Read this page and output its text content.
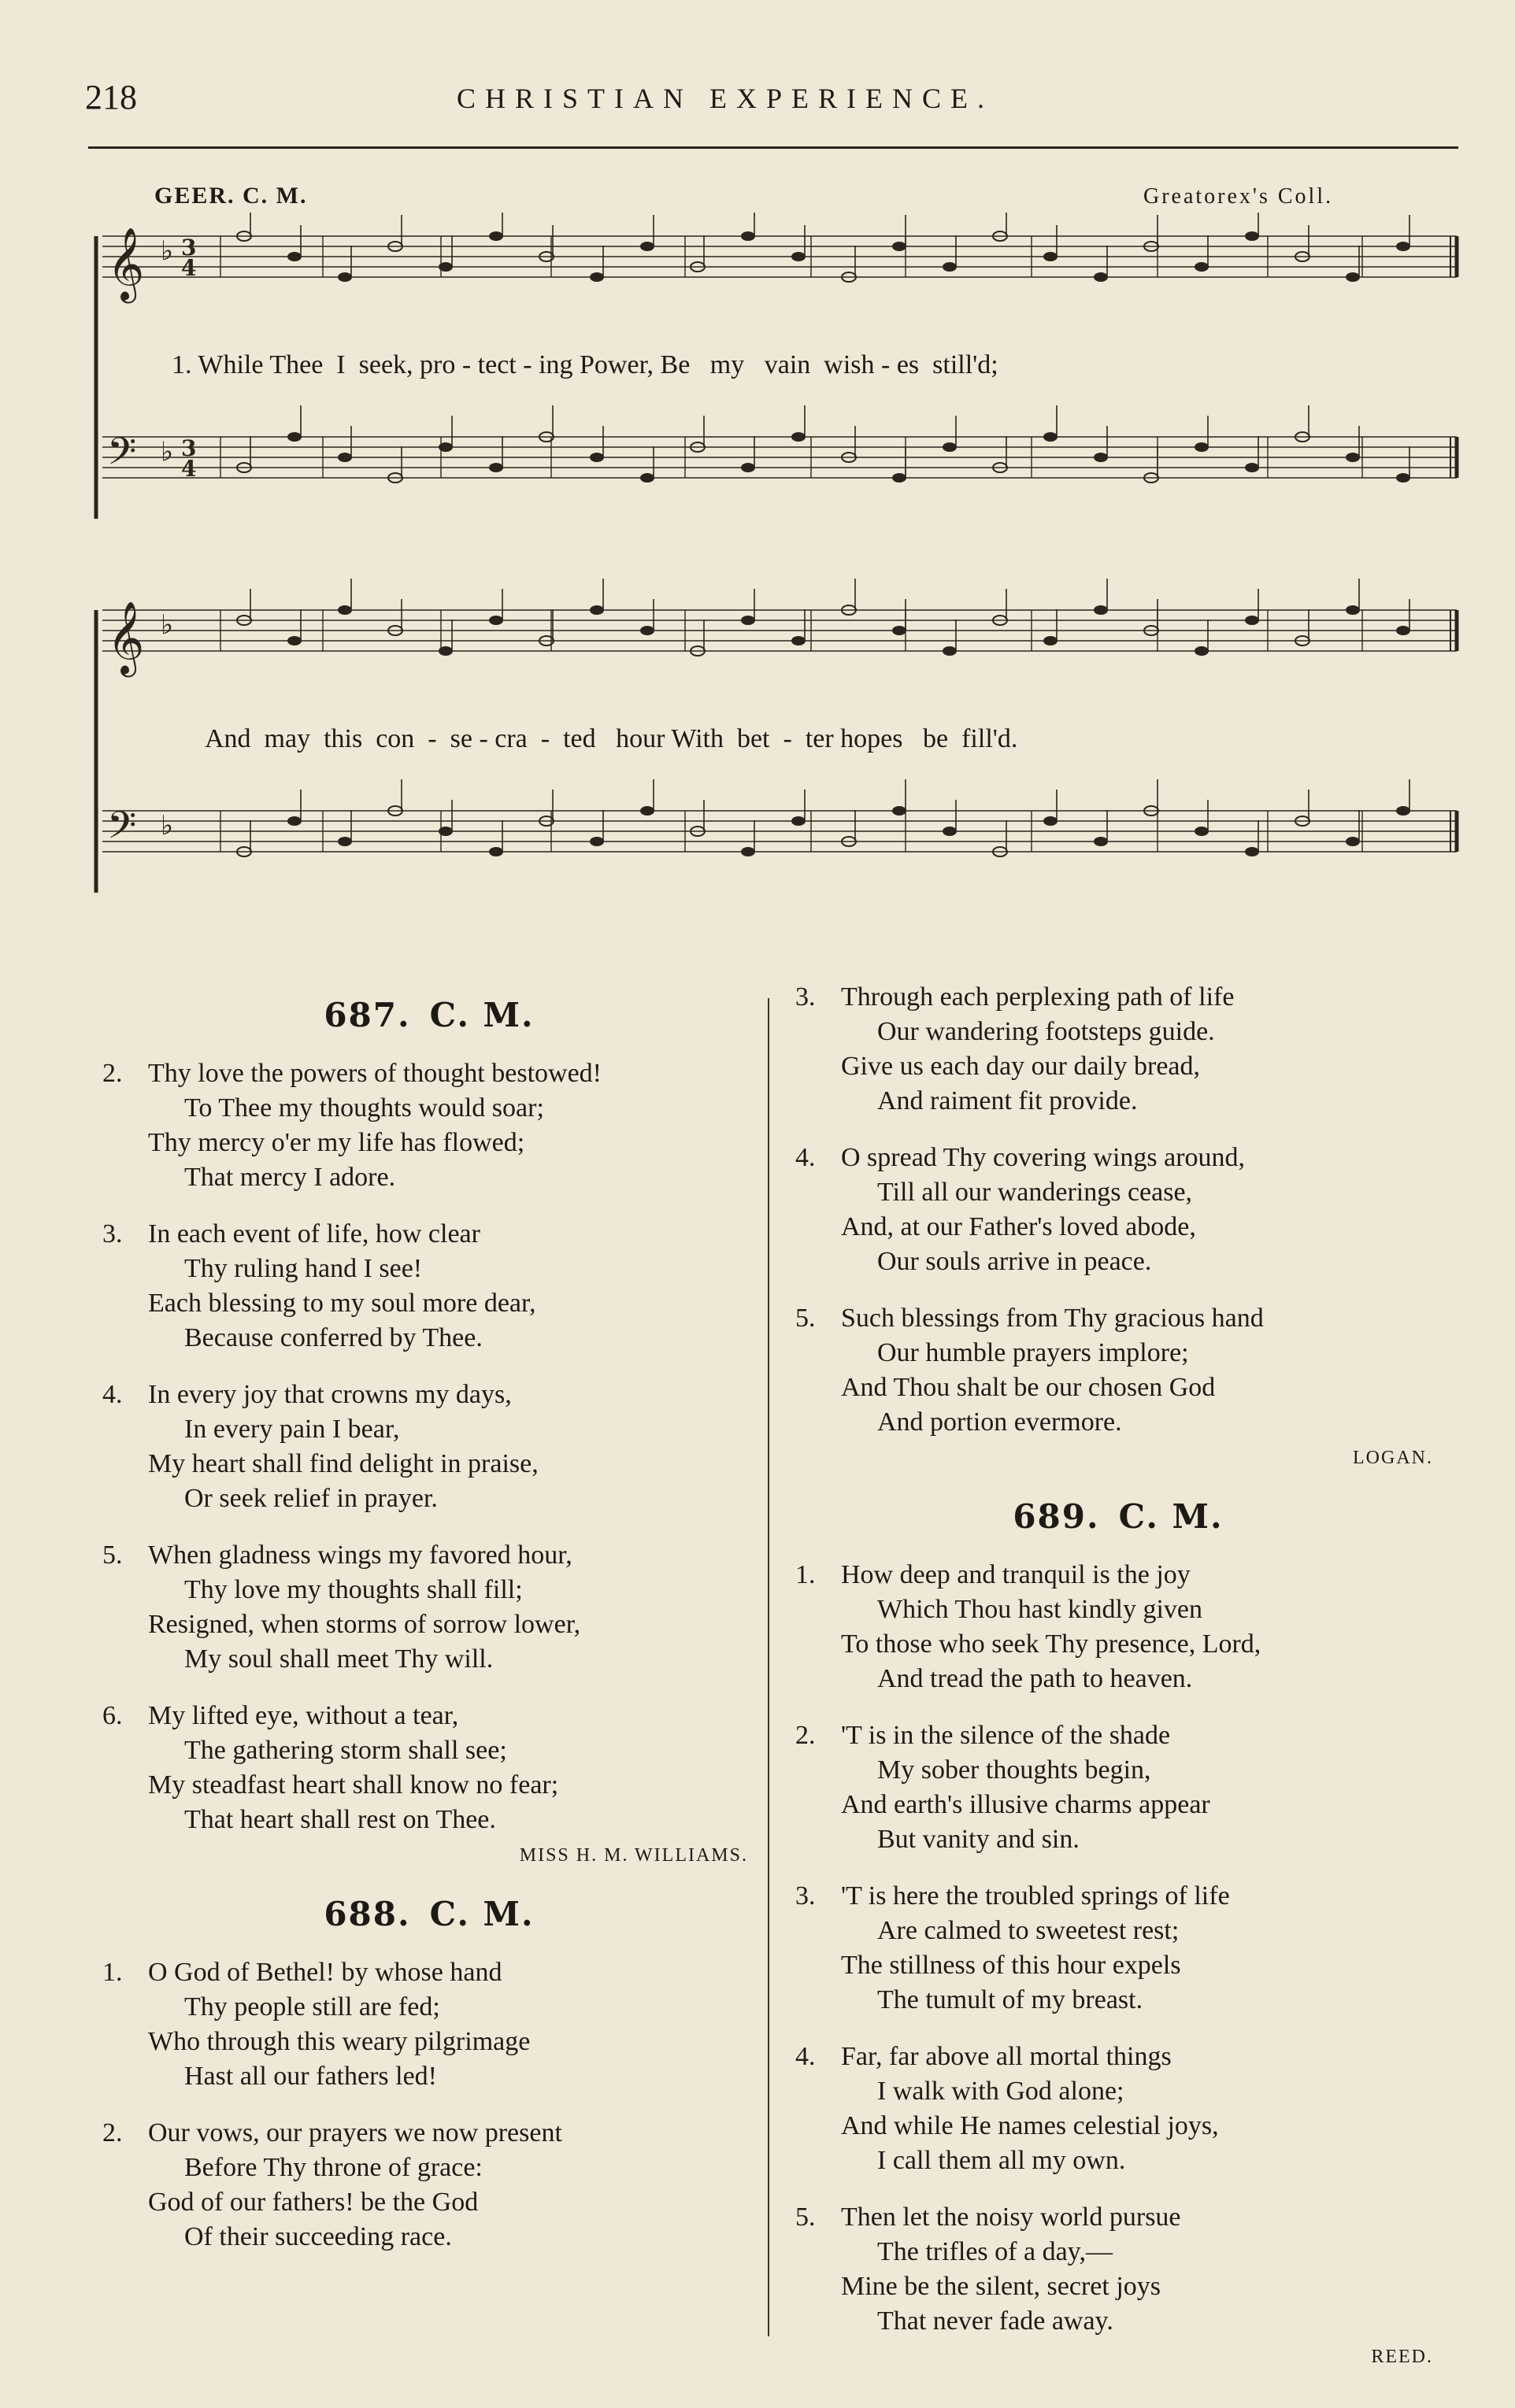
218	CHRISTIAN EXPERIENCE.
GEER. C. M.	Greatorex's Coll.
𝄞 ♭ 3
4
𝄢 ♭ 3
4
𝄞 ♭
𝄢 ♭
1. While Thee  I  seek, pro - tect - ing Power, Be   my   vain  wish - es  still'd;
And  may  this  con  -  se - cra  -  ted   hour With  bet  -  ter hopes   be  fill'd.
687. C. M.
2. Thy love the powers of thought bestowed!
To Thee my thoughts would soar;
Thy mercy o'er my life has flowed;
That mercy I adore.
3. In each event of life, how clear
Thy ruling hand I see!
Each blessing to my soul more dear,
Because conferred by Thee.
4. In every joy that crowns my days,
In every pain I bear,
My heart shall find delight in praise,
Or seek relief in prayer.
5. When gladness wings my favored hour,
Thy love my thoughts shall fill;
Resigned, when storms of sorrow lower,
My soul shall meet Thy will.
6. My lifted eye, without a tear,
The gathering storm shall see;
My steadfast heart shall know no fear;
That heart shall rest on Thee.
MISS H. M. WILLIAMS.
688. C. M.
1. O God of Bethel! by whose hand
Thy people still are fed;
Who through this weary pilgrimage
Hast all our fathers led!
2. Our vows, our prayers we now present
Before Thy throne of grace:
God of our fathers! be the God
Of their succeeding race.
3. Through each perplexing path of life
Our wandering footsteps guide.
Give us each day our daily bread,
And raiment fit provide.
4. O spread Thy covering wings around,
Till all our wanderings cease,
And, at our Father's loved abode,
Our souls arrive in peace.
5. Such blessings from Thy gracious hand
Our humble prayers implore;
And Thou shalt be our chosen God
And portion evermore.
LOGAN.
689. C. M.
1. How deep and tranquil is the joy
Which Thou hast kindly given
To those who seek Thy presence, Lord,
And tread the path to heaven.
2. 'T is in the silence of the shade
My sober thoughts begin,
And earth's illusive charms appear
But vanity and sin.
3. 'T is here the troubled springs of life
Are calmed to sweetest rest;
The stillness of this hour expels
The tumult of my breast.
4. Far, far above all mortal things
I walk with God alone;
And while He names celestial joys,
I call them all my own.
5. Then let the noisy world pursue
The trifles of a day,—
Mine be the silent, secret joys
That never fade away.
REED.
